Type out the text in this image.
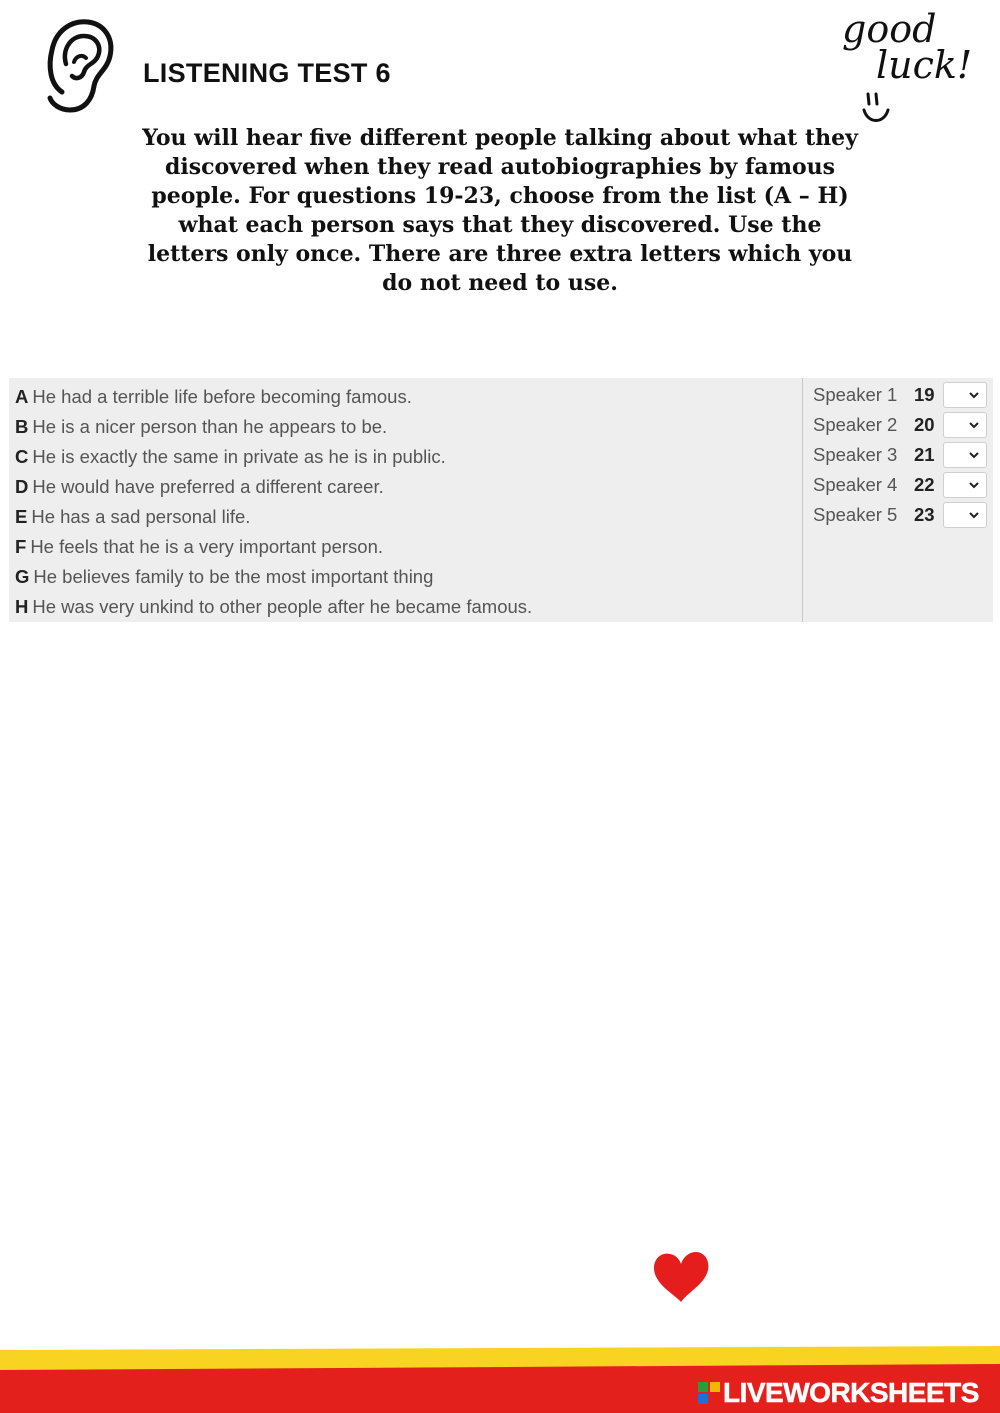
LISTENING TEST 6
good
luck!

You will hear five different people talking about what they discovered when they read autobiographies by famous people. For questions 19-23, choose from the list (A – H) what each person says that they discovered. Use the letters only once. There are three extra letters which you do not need to use.

A He had a terrible life before becoming famous.
B He is a nicer person than he appears to be.
C He is exactly the same in private as he is in public.
D He would have preferred a different career.
E He has a sad personal life.
F He feels that he is a very important person.
G He believes family to be the most important thing
H He was very unkind to other people after he became famous.
Speaker 1 19
Speaker 2 20
Speaker 3 21
Speaker 4 22
Speaker 5 23
LIVEWORKSHEETS
